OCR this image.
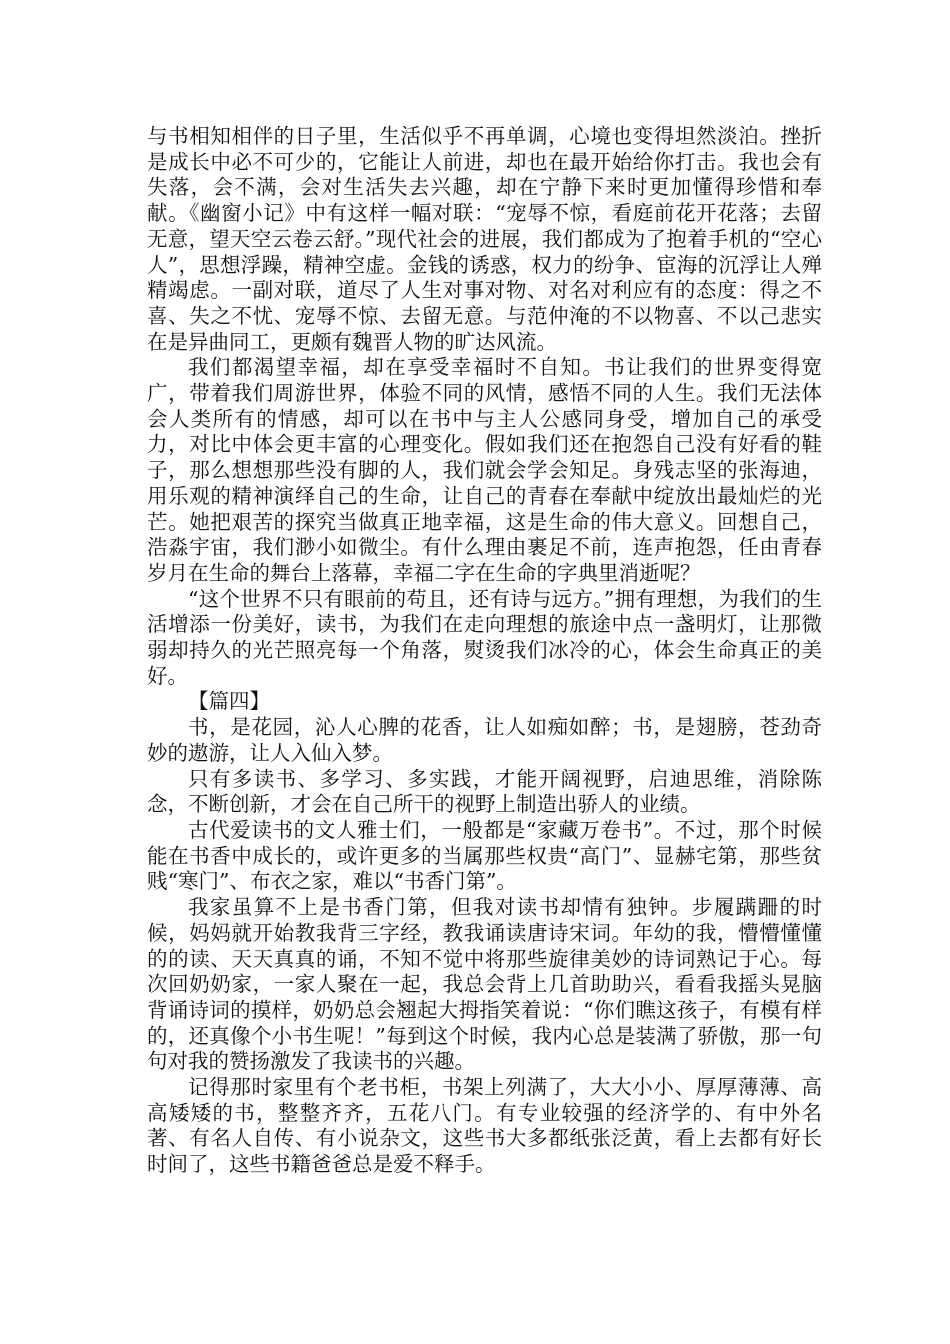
与书相知相伴的日子里，生活似乎不再单调，心境也变得坦然淡泊。挫折是成长中必不可少的，它能让人前进，却也在最开始给你打击。我也会有失落，会不满，会对生活失去兴趣，却在宁静下来时更加懂得珍惜和奉献。《幽窗小记》中有这样一幅对联：“宠辱不惊，看庭前花开花落；去留无意，望天空云卷云舒。”现代社会的进展，我们都成为了抱着手机的“空心人”，思想浮躁，精神空虚。金钱的诱惑，权力的纷争、宦海的沉浮让人殚精竭虑。一副对联，道尽了人生对事对物、对名对利应有的态度：得之不喜、失之不忧、宠辱不惊、去留无意。与范仲淹的不以物喜、不以己悲实在是异曲同工，更颇有魏晋人物的旷达风流。

我们都渴望幸福，却在享受幸福时不自知。书让我们的世界变得宽广，带着我们周游世界，体验不同的风情，感悟不同的人生。我们无法体会人类所有的情感，却可以在书中与主人公感同身受，增加自己的承受力，对比中体会更丰富的心理变化。假如我们还在抱怨自己没有好看的鞋子，那么想想那些没有脚的人，我们就会学会知足。身残志坚的张海迪，用乐观的精神演绎自己的生命，让自己的青春在奉献中绽放出最灿烂的光芒。她把艰苦的探究当做真正地幸福，这是生命的伟大意义。回想自己，浩淼宇宙，我们渺小如微尘。有什么理由裹足不前，连声抱怨，任由青春岁月在生命的舞台上落幕，幸福二字在生命的字典里消逝呢？

“这个世界不只有眼前的苟且，还有诗与远方。”拥有理想，为我们的生活增添一份美好，读书，为我们在走向理想的旅途中点一盏明灯，让那微弱却持久的光芒照亮每一个角落，熨烫我们冰冷的心，体会生命真正的美好。

【篇四】

书，是花园，沁人心脾的花香，让人如痴如醉；书，是翅膀，苍劲奇妙的遨游，让人入仙入梦。

只有多读书、多学习、多实践，才能开阔视野，启迪思维，消除陈念，不断创新，才会在自己所干的视野上制造出骄人的业绩。

古代爱读书的文人雅士们，一般都是“家藏万卷书”。不过，那个时候能在书香中成长的，或许更多的当属那些权贵“高门”、显赫宅第，那些贫贱“寒门”、布衣之家，难以“书香门第”。

我家虽算不上是书香门第，但我对读书却情有独钟。步履蹒跚的时候，妈妈就开始教我背三字经，教我诵读唐诗宋词。年幼的我，懵懵懂懂的的读、天天真真的诵，不知不觉中将那些旋律美妙的诗词熟记于心。每次回奶奶家，一家人聚在一起，我总会背上几首助助兴，看看我摇头晃脑背诵诗词的摸样，奶奶总会翘起大拇指笑着说：“你们瞧这孩子，有模有样的，还真像个小书生呢！”每到这个时候，我内心总是装满了骄傲，那一句句对我的赞扬激发了我读书的兴趣。

记得那时家里有个老书柜，书架上列满了，大大小小、厚厚薄薄、高高矮矮的书，整整齐齐，五花八门。有专业较强的经济学的、有中外名著、有名人自传、有小说杂文，这些书大多都纸张泛黄，看上去都有好长时间了，这些书籍爸爸总是爱不释手。
